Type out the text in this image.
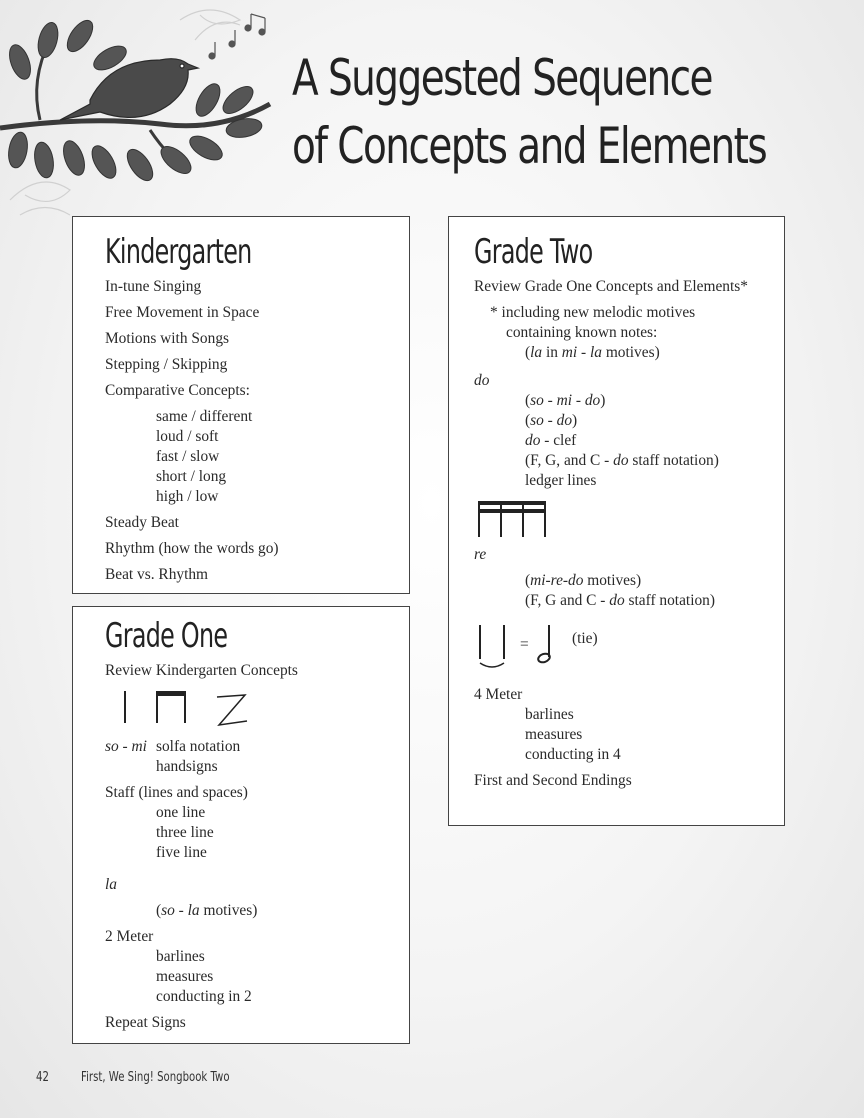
A Suggested Sequence
of Concepts and Elements
Kindergarten
In-tune Singing
Free Movement in Space
Motions with Songs
Stepping / Skipping
Comparative Concepts:
same / different
loud / soft
fast / slow
short / long
high / low
Steady Beat
Rhythm (how the words go)
Beat vs. Rhythm
Grade One
Review Kindergarten Concepts
so - mi solfa notation
handsigns
Staff (lines and spaces)
one line
three line
five line
la
(so - la motives)
2 Meter
barlines
measures
conducting in 2
Repeat Signs
Grade Two
Review Grade One Concepts and Elements*
* including new melodic motives
containing known notes:
(la in mi - la motives)
do
(so - mi - do)
(so - do)
do - clef
(F, G, and C - do staff notation)
ledger lines
re
(mi-re-do motives)
(F, G and C - do staff notation)
=	(tie)
4 Meter
barlines
measures
conducting in 4
First and Second Endings
42 First, We Sing! Songbook Two
